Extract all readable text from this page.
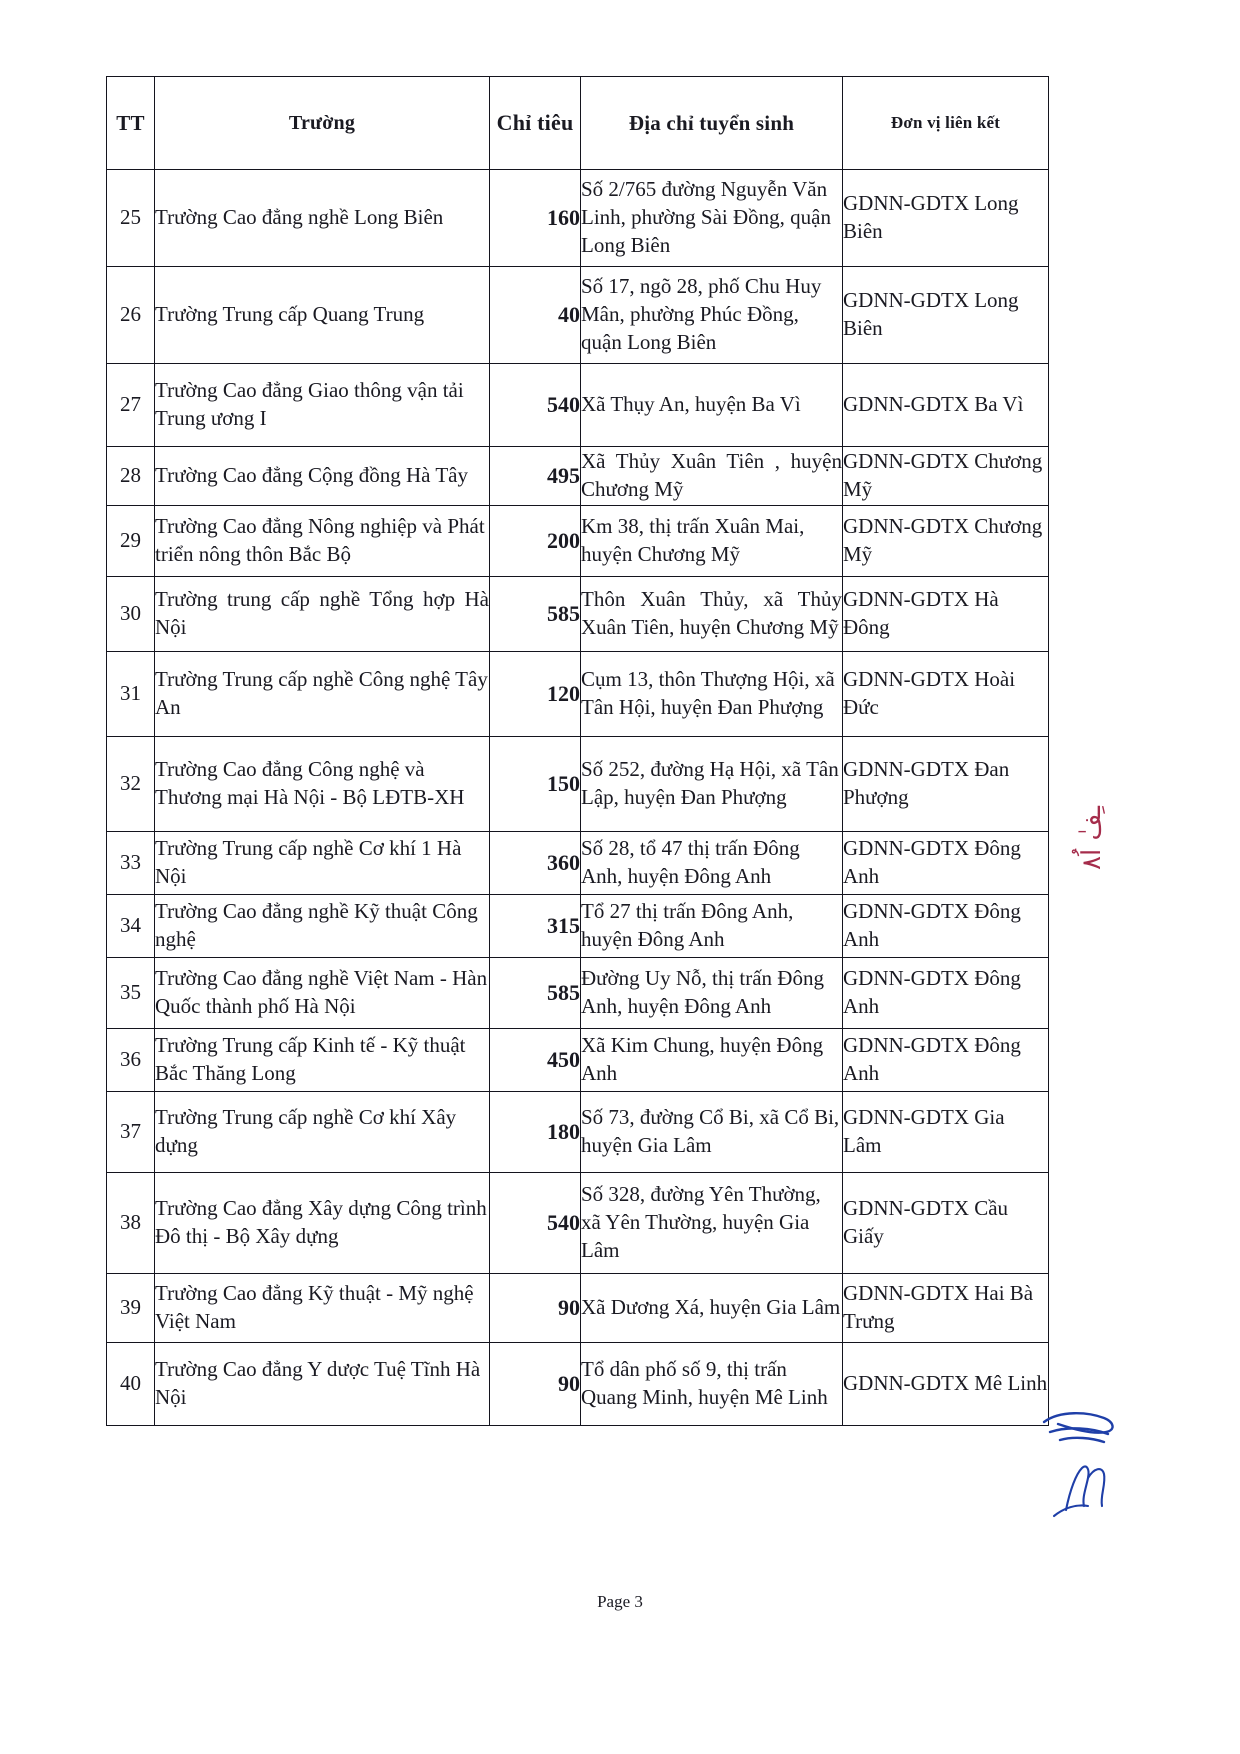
TT	Trường	Chỉ tiêu	Địa chỉ tuyển sinh	Đơn vị liên kết
25	Trường Cao đẳng nghề Long Biên	160	Số 2/765 đường Nguyễn Văn Linh, phường Sài Đồng, quận Long Biên	GDNN-GDTX Long Biên
26	Trường Trung cấp Quang Trung	40	Số 17, ngõ 28, phố Chu Huy Mân, phường Phúc Đồng, quận Long Biên	GDNN-GDTX Long Biên
27	Trường Cao đẳng Giao thông vận tải Trung ương I	540	Xã Thụy An, huyện Ba Vì	GDNN-GDTX Ba Vì
28	Trường Cao đẳng Cộng đồng Hà Tây	495	Xã Thủy Xuân Tiên , huyện Chương Mỹ	GDNN-GDTX Chương Mỹ
29	Trường Cao đẳng Nông nghiệp và Phát triển nông thôn Bắc Bộ	200	Km 38, thị trấn Xuân Mai, huyện Chương Mỹ	GDNN-GDTX Chương Mỹ
30	Trường trung cấp nghề Tổng hợp Hà Nội	585	Thôn Xuân Thủy, xã Thủy Xuân Tiên, huyện Chương Mỹ	GDNN-GDTX Hà Đông
31	Trường Trung cấp nghề Công nghệ Tây An	120	Cụm 13, thôn Thượng Hội, xã Tân Hội, huyện Đan Phượng	GDNN-GDTX Hoài Đức
32	Trường Cao đẳng Công nghệ và Thương mại Hà Nội - Bộ LĐTB-XH	150	Số 252, đường Hạ Hội, xã Tân Lập, huyện Đan Phượng	GDNN-GDTX Đan Phượng
33	Trường Trung cấp nghề Cơ khí 1 Hà Nội	360	Số 28, tổ 47 thị trấn Đông Anh, huyện Đông Anh	GDNN-GDTX Đông Anh
34	Trường Cao đẳng nghề Kỹ thuật Công nghệ	315	Tổ 27 thị trấn Đông Anh, huyện Đông Anh	GDNN-GDTX Đông Anh
35	Trường Cao đẳng nghề Việt Nam - Hàn Quốc thành phố Hà Nội	585	Đường Uy Nỗ, thị trấn Đông Anh, huyện Đông Anh	GDNN-GDTX Đông Anh
36	Trường Trung cấp Kinh tế - Kỹ thuật Bắc Thăng Long	450	Xã Kim Chung, huyện Đông Anh	GDNN-GDTX Đông Anh
37	Trường Trung cấp nghề Cơ khí Xây dựng	180	Số 73, đường Cổ Bi, xã Cổ Bi, huyện Gia Lâm	GDNN-GDTX Gia Lâm
38	Trường Cao đẳng Xây dựng Công trình Đô thị - Bộ Xây dựng	540	Số 328, đường Yên Thường, xã Yên Thường, huyện Gia Lâm	GDNN-GDTX Cầu Giấy
39	Trường Cao đẳng Kỹ thuật - Mỹ nghệ Việt Nam	90	Xã Dương Xá, huyện Gia Lâm	GDNN-GDTX Hai Bà Trưng
40	Trường Cao đẳng Y dược Tuệ Tĩnh Hà Nội	90	Tổ dân phố số 9, thị trấn Quang Minh, huyện Mê Linh	GDNN-GDTX Mê Linh
ـِفٰ اُ٨
Page 3
